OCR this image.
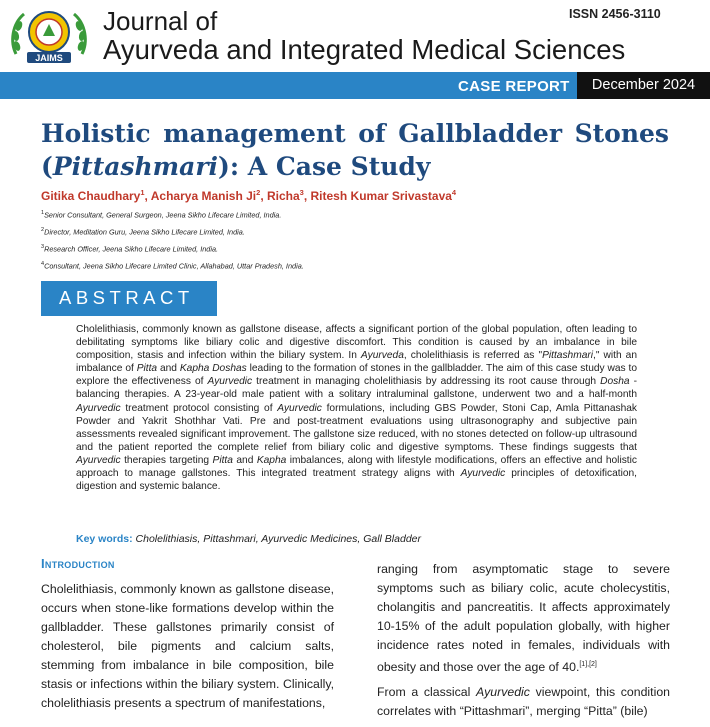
JAIMS
Journal of
Ayurveda and Integrated Medical Sciences
ISSN 2456-3110
CASE REPORT	December 2024
Holistic management of Gallbladder Stones (Pittashmari): A Case Study
Gitika Chaudhary$^1$, Acharya Manish Ji$^2$, Richa$^3$, Ritesh Kumar Srivastava$^4$
$^1$Senior Consultant, General Surgeon, Jeena Sikho Lifecare Limited, India.
$^2$Director, Meditation Guru, Jeena Sikho Lifecare Limited, India.
$^3$Research Officer, Jeena Sikho Lifecare Limited, India.
$^4$Consultant, Jeena Sikho Lifecare Limited Clinic, Allahabad, Uttar Pradesh, India.
ABSTRACT
Cholelithiasis, commonly known as gallstone disease, affects a significant portion of the global population, often leading to debilitating symptoms like biliary colic and digestive discomfort. This condition is caused by an imbalance in bile composition, stasis and infection within the biliary system. In Ayurveda, cholelithiasis is referred as "Pittashmari," with an imbalance of Pitta and Kapha Doshas leading to the formation of stones in the gallbladder. The aim of this case study was to explore the effectiveness of Ayurvedic treatment in managing cholelithiasis by addressing its root cause through Dosha - balancing therapies. A 23-year-old male patient with a solitary intraluminal gallstone, underwent two and a half-month Ayurvedic treatment protocol consisting of Ayurvedic formulations, including GBS Powder, Stoni Cap, Amla Pittanashak Powder and Yakrit Shothhar Vati. Pre and post-treatment evaluations using ultrasonography and subjective pain assessments revealed significant improvement. The gallstone size reduced, with no stones detected on follow-up ultrasound and the patient reported the complete relief from biliary colic and digestive symptoms. These findings suggests that Ayurvedic therapies targeting Pitta and Kapha imbalances, along with lifestyle modifications, offers an effective and holistic approach to manage gallstones. This integrated treatment strategy aligns with Ayurvedic principles of detoxification, digestion and systemic balance.
Key words: Cholelithiasis, Pittashmari, Ayurvedic Medicines, Gall Bladder
Introduction
Cholelithiasis, commonly known as gallstone disease, occurs when stone-like formations develop within the gallbladder. These gallstones primarily consist of cholesterol, bile pigments and calcium salts, stemming from imbalance in bile composition, bile stasis or infections within the biliary system. Clinically, cholelithiasis presents a spectrum of manifestations,

ranging from asymptomatic stage to severe symptoms such as biliary colic, acute cholecystitis, cholangitis and pancreatitis. It affects approximately 10-15% of the adult population globally, with higher incidence rates noted in females, individuals with obesity and those over the age of 40.[1],[2]

From a classical Ayurvedic viewpoint, this condition correlates with “Pittashmari”, merging “Pitta” (bile)
